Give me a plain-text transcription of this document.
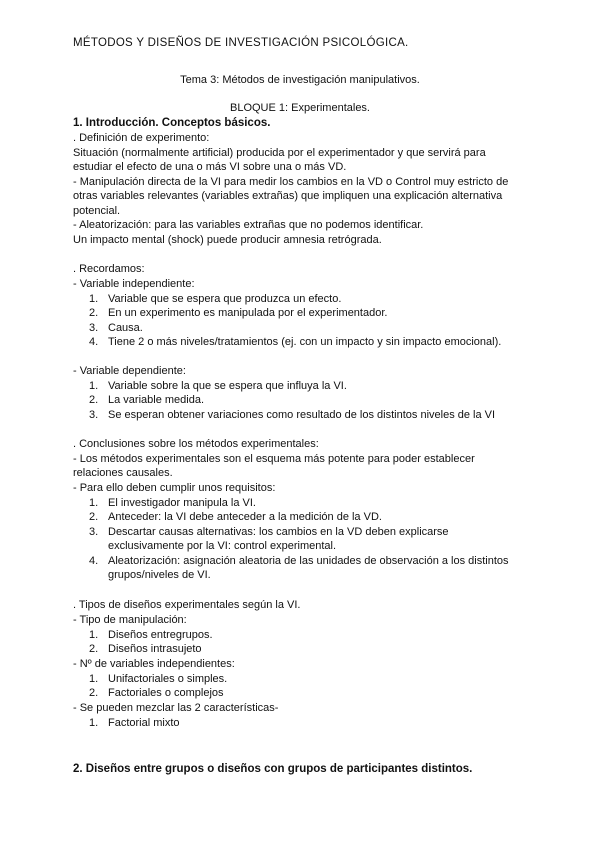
MÉTODOS Y DISEÑOS DE INVESTIGACIÓN PSICOLÓGICA.
Tema 3: Métodos de investigación manipulativos.
BLOQUE 1: Experimentales.
1. Introducción. Conceptos básicos.
. Definición de experimento:
Situación (normalmente artificial) producida por el experimentador y que servirá para
estudiar el efecto de una o más VI sobre una o más VD.
- Manipulación directa de la VI para medir los cambios en la VD o Control muy estricto de
otras variables relevantes (variables extrañas) que impliquen una explicación alternativa
potencial.
- Aleatorización: para las variables extrañas que no podemos identificar.
Un impacto mental (shock) puede producir amnesia retrógrada.
. Recordamos:
- Variable independiente:
1. Variable que se espera que produzca un efecto.
2. En un experimento es manipulada por el experimentador.
3. Causa.
4. Tiene 2 o más niveles/tratamientos (ej. con un impacto y sin impacto emocional).
- Variable dependiente:
1. Variable sobre la que se espera que influya la VI.
2. La variable medida.
3. Se esperan obtener variaciones como resultado de los distintos niveles de la VI
. Conclusiones sobre los métodos experimentales:
- Los métodos experimentales son el esquema más potente para poder establecer
relaciones causales.
- Para ello deben cumplir unos requisitos:
1. El investigador manipula la VI.
2. Anteceder: la VI debe anteceder a la medición de la VD.
3. Descartar causas alternativas: los cambios en la VD deben explicarse
exclusivamente por la VI: control experimental.
4. Aleatorización: asignación aleatoria de las unidades de observación a los distintos
grupos/niveles de VI.
. Tipos de diseños experimentales según la VI.
- Tipo de manipulación:
1. Diseños entregrupos.
2. Diseños intrasujeto
- Nº de variables independientes:
1. Unifactoriales o simples.
2. Factoriales o complejos
- Se pueden mezclar las 2 características-
1. Factorial mixto
2. Diseños entre grupos o diseños con grupos de participantes distintos.
